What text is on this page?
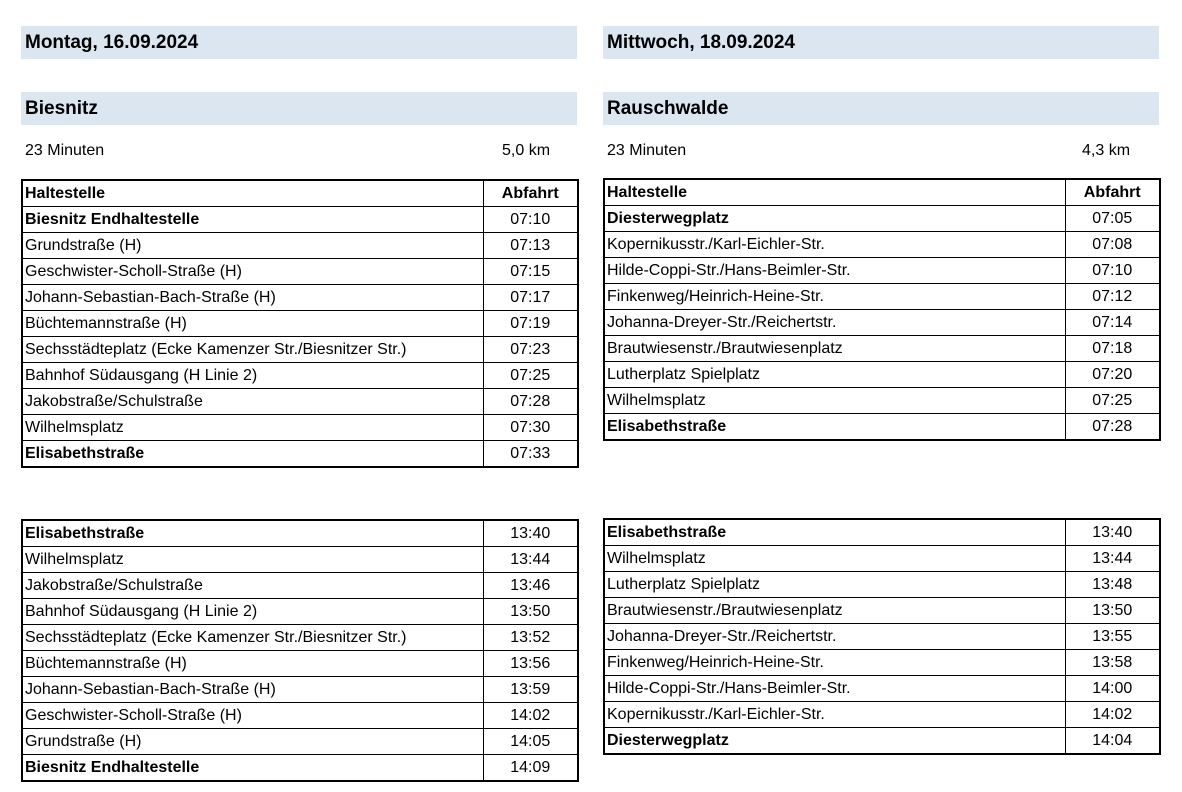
Montag, 16.09.2024
Biesnitz
23 Minuten	5,0 km
Haltestelle	Abfahrt
Biesnitz Endhaltestelle	07:10
Grundstraße (H)	07:13
Geschwister-Scholl-Straße (H)	07:15
Johann-Sebastian-Bach-Straße (H)	07:17
Büchtemannstraße (H)	07:19
Sechsstädteplatz (Ecke Kamenzer Str./Biesnitzer Str.)	07:23
Bahnhof Südausgang (H Linie 2)	07:25
Jakobstraße/Schulstraße	07:28
Wilhelmsplatz	07:30
Elisabethstraße	07:33
Elisabethstraße	13:40
Wilhelmsplatz	13:44
Jakobstraße/Schulstraße	13:46
Bahnhof Südausgang (H Linie 2)	13:50
Sechsstädteplatz (Ecke Kamenzer Str./Biesnitzer Str.)	13:52
Büchtemannstraße (H)	13:56
Johann-Sebastian-Bach-Straße (H)	13:59
Geschwister-Scholl-Straße (H)	14:02
Grundstraße (H)	14:05
Biesnitz Endhaltestelle	14:09
Mittwoch, 18.09.2024
Rauschwalde
23 Minuten	4,3 km
Haltestelle	Abfahrt
Diesterwegplatz	07:05
Kopernikusstr./Karl-Eichler-Str.	07:08
Hilde-Coppi-Str./Hans-Beimler-Str.	07:10
Finkenweg/Heinrich-Heine-Str.	07:12
Johanna-Dreyer-Str./Reichertstr.	07:14
Brautwiesenstr./Brautwiesenplatz	07:18
Lutherplatz Spielplatz	07:20
Wilhelmsplatz	07:25
Elisabethstraße	07:28
Elisabethstraße	13:40
Wilhelmsplatz	13:44
Lutherplatz Spielplatz	13:48
Brautwiesenstr./Brautwiesenplatz	13:50
Johanna-Dreyer-Str./Reichertstr.	13:55
Finkenweg/Heinrich-Heine-Str.	13:58
Hilde-Coppi-Str./Hans-Beimler-Str.	14:00
Kopernikusstr./Karl-Eichler-Str.	14:02
Diesterwegplatz	14:04
